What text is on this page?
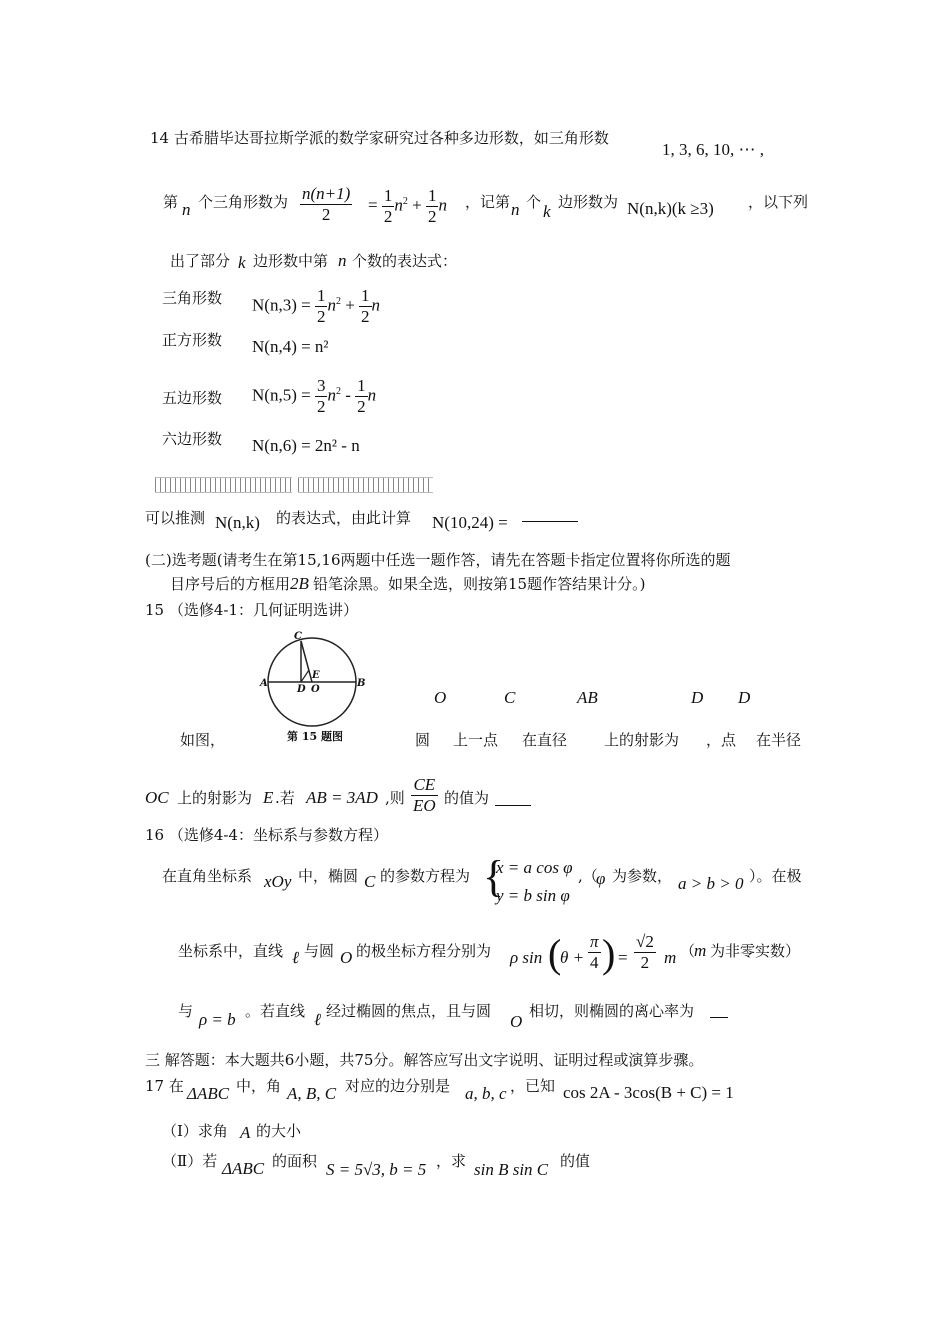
14 古希腊毕达哥拉斯学派的数学家研究过各种多边形数，如三角形数
1, 3, 6, 10, ⋯ ,
第 n 个三角形数为 $\frac{n(n+1)}{2} = \frac{1}{2} n^2 + \frac{1}{2}$ n ，记第 n 个 k 边形数为 N(n,k)(k ≥3) ，以下列
出了部分 k 边形数中第 n 个数的表达式：
三角形数 $N(n,3) = \frac{1}{2} n^2 + \frac{1}{2}$ n
正方形数 N(n,4) = n²
五边形数 $N(n,5) = \frac{3}{2} n^2 - \frac{1}{2}$ n
六边形数 N(n,6) = 2n² - n
可以推测 N(n,k) 的表达式，由此计算 N(10,24) =
(二)选考题(请考生在第15,16两题中任选一题作答，请先在答题卡指定位置将你所选的题
目序号后的方框用 2B 铅笔涂黑。如果全选，则按第15题作答结果计分。)
15 （选修4-1：几何证明选讲）
C
E
A
D O
B
第 15 题图
O	C	AB	D D
如图，	圆 上一点 在直径 上的射影为 ，点 在半径
OC 上的射影为 E .若 AB = 3AD ,则 $\frac{CE}{EO}$ 的值为
16 （选修4-4：坐标系与参数方程）
在直角坐标系 xOy 中，椭圆 C 的参数方程为 {
x = a cos φ
y = b sin φ
,（
φ 为参数， a > b > 0 ）。在极
坐标系中，直线 ℓ 与圆 O 的极坐标方程分别为 ρ sin (
$\theta + \frac{\pi}{4}$ ) = $\frac{√2}{2}$ m （
m 为非零实数）
与 ρ = b 。若直线 ℓ 经过椭圆的焦点，且与圆
O
相切，则椭圆的离心率为
三 解答题：本大题共6小题，共75分。解答应写出文字说明、证明过程或演算步骤。
17 在 ΔABC 中，角 A, B, C 对应的边分别是 a, b, c ，已知 cos 2A - 3cos(B + C) = 1
（Ⅰ）求角 A 的大小
（Ⅱ）若 ΔABC 的面积 S = 5√3, b = 5 ，求 sin B sin C 的值
